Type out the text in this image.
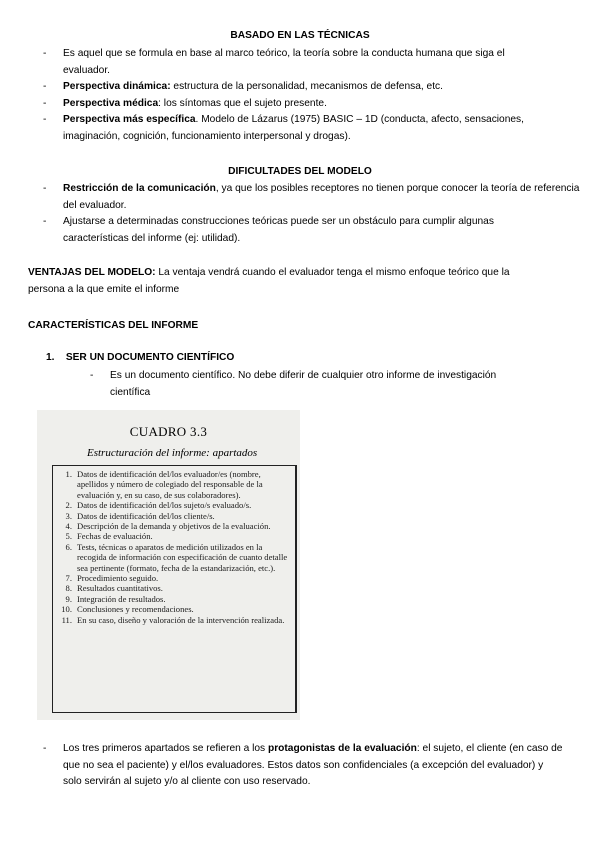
BASADO EN LAS TÉCNICAS
- Es aquel que se formula en base al marco teórico, la teoría sobre la conducta humana que siga el evaluador.
- Perspectiva dinámica: estructura de la personalidad, mecanismos de defensa, etc.
- Perspectiva médica: los síntomas que el sujeto presente.
- Perspectiva más específica. Modelo de Lázarus (1975) BASIC – 1D (conducta, afecto, sensaciones, imaginación, cognición, funcionamiento interpersonal y drogas).
DIFICULTADES DEL MODELO
- Restricción de la comunicación, ya que los posibles receptores no tienen porque conocer la teoría de referencia del evaluador.
- Ajustarse a determinadas construcciones teóricas puede ser un obstáculo para cumplir algunas características del informe (ej: utilidad).
VENTAJAS DEL MODELO: La ventaja vendrá cuando el evaluador tenga el mismo enfoque teórico que la persona a la que emite el informe
CARACTERÍSTICAS DEL INFORME
1. SER UN DOCUMENTO CIENTÍFICO
- Es un documento científico. No debe diferir de cualquier otro informe de investigación científica
CUADRO 3.3
Estructuración del informe: apartados
1. Datos de identificación del/los evaluador/es (nombre, apellidos y número de colegiado del responsable de la evaluación y, en su caso, de sus colaboradores).
2. Datos de identificación del/los sujeto/s evaluado/s.
3. Datos de identificación del/los cliente/s.
4. Descripción de la demanda y objetivos de la evaluación.
5. Fechas de evaluación.
6. Tests, técnicas o aparatos de medición utilizados en la recogida de información con especificación de cuanto detalle sea pertinente (formato, fecha de la estandarización, etc.).
7. Procedimiento seguido.
8. Resultados cuantitativos.
9. Integración de resultados.
10. Conclusiones y recomendaciones.
11. En su caso, diseño y valoración de la intervención realizada.
- Los tres primeros apartados se refieren a los protagonistas de la evaluación: el sujeto, el cliente (en caso de que no sea el paciente) y el/los evaluadores. Estos datos son confidenciales (a excepción del evaluador) y solo servirán al sujeto y/o al cliente con uso reservado.
